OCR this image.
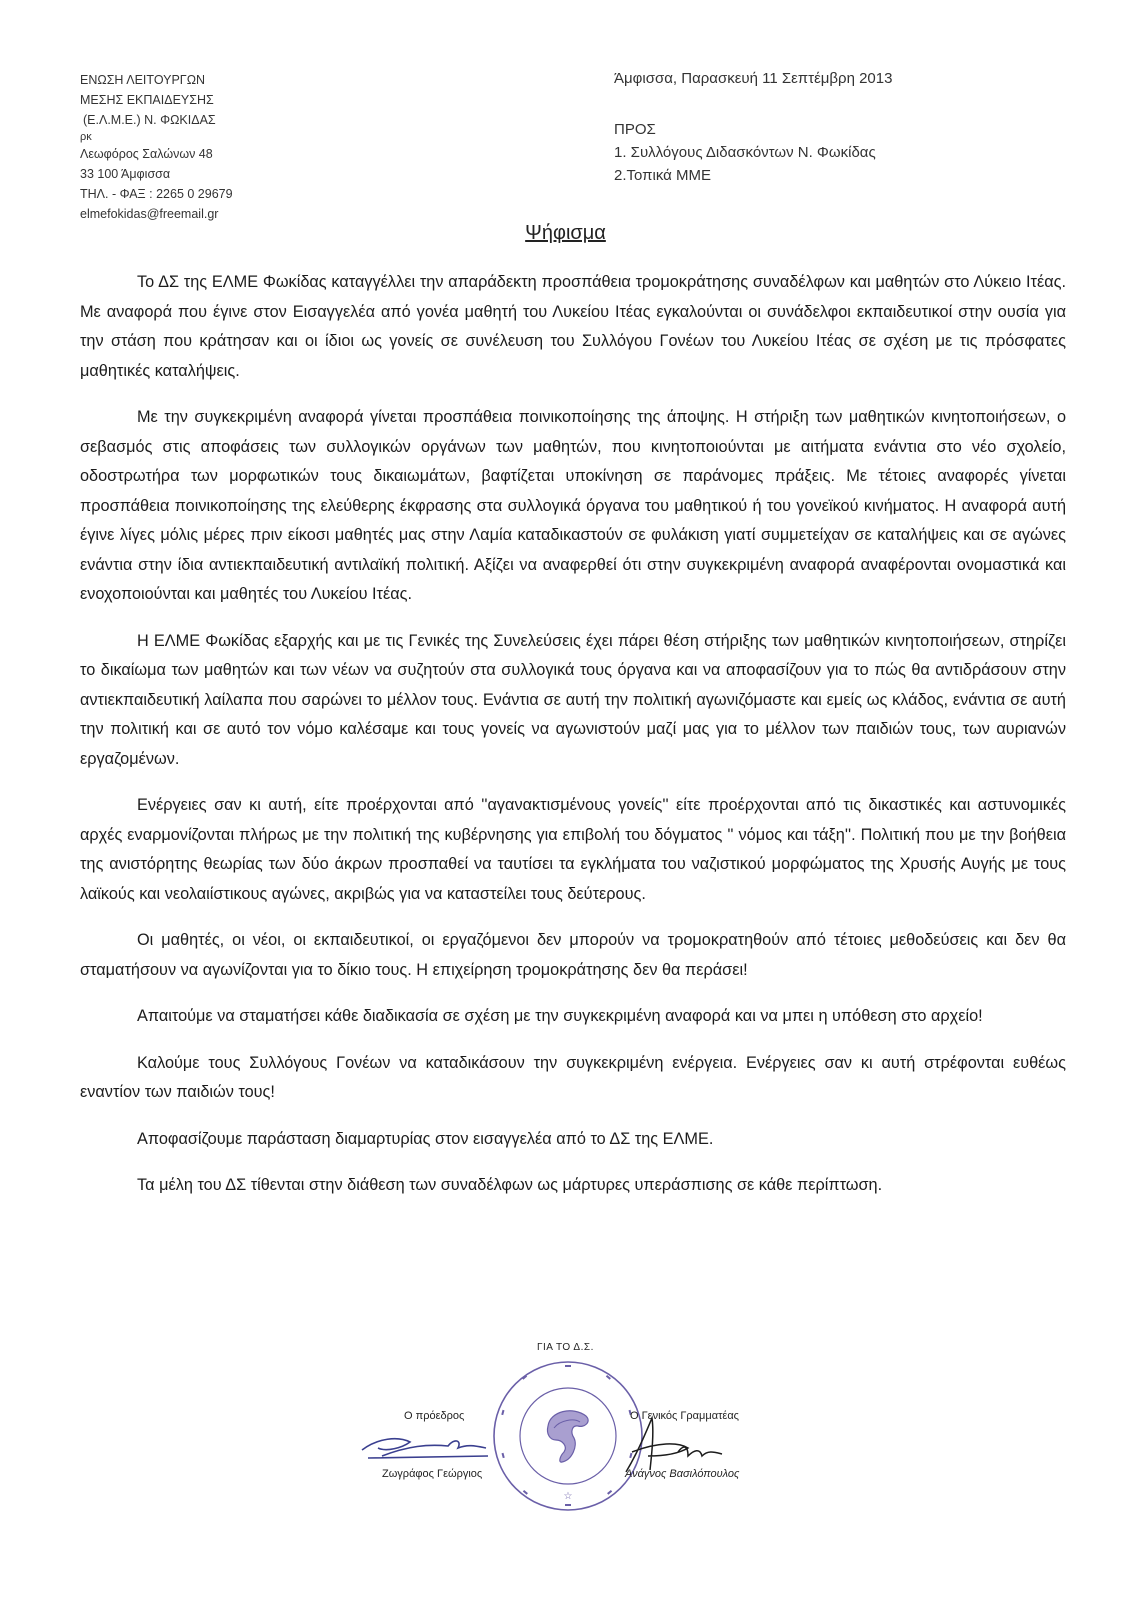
ΕΝΩΣΗ ΛΕΙΤΟΥΡΓΩΝ
ΜΕΣΗΣ ΕΚΠΑΙΔΕΥΣΗΣ
(Ε.Λ.Μ.Ε.) Ν. ΦΩΚΙΔΑΣ
ρκ
Λεωφόρος Σαλώνων 48
33 100 Άμφισσα
ΤΗΛ. - ΦΑΞ : 2265 0 29679
elmefokidas@freemail.gr
Άμφισσα, Παρασκευή 11 Σεπτέμβρη 2013
ΠΡΟΣ
1. Συλλόγους Διδασκόντων Ν. Φωκίδας
2.Τοπικά ΜΜΕ
Ψήφισμα

Το ΔΣ της ΕΛΜΕ Φωκίδας καταγγέλλει την απαράδεκτη προσπάθεια τρομοκράτησης συναδέλφων και μαθητών στο Λύκειο Ιτέας. Με αναφορά που έγινε στον Εισαγγελέα από γονέα μαθητή του Λυκείου Ιτέας εγκαλούνται οι συνάδελφοι εκπαιδευτικοί στην ουσία για την στάση που κράτησαν και οι ίδιοι ως γονείς σε συνέλευση του Συλλόγου Γονέων του Λυκείου Ιτέας σε σχέση με τις πρόσφατες μαθητικές καταλήψεις.

Με την συγκεκριμένη αναφορά γίνεται προσπάθεια ποινικοποίησης της άποψης. Η στήριξη των μαθητικών κινητοποιήσεων, ο σεβασμός στις αποφάσεις των συλλογικών οργάνων των μαθητών, που κινητοποιούνται με αιτήματα ενάντια στο νέο σχολείο, οδοστρωτήρα των μορφωτικών τους δικαιωμάτων, βαφτίζεται υποκίνηση σε παράνομες πράξεις. Με τέτοιες αναφορές γίνεται προσπάθεια ποινικοποίησης της ελεύθερης έκφρασης στα συλλογικά όργανα του μαθητικού ή του γονεϊκού κινήματος. Η αναφορά αυτή έγινε λίγες μόλις μέρες πριν είκοσι μαθητές μας στην Λαμία καταδικαστούν σε φυλάκιση γιατί συμμετείχαν σε καταλήψεις και σε αγώνες ενάντια στην ίδια αντιεκπαιδευτική αντιλαϊκή πολιτική. Αξίζει να αναφερθεί ότι στην συγκεκριμένη αναφορά αναφέρονται ονομαστικά και ενοχοποιούνται και μαθητές του Λυκείου Ιτέας.

Η ΕΛΜΕ Φωκίδας εξαρχής και με τις Γενικές της Συνελεύσεις έχει πάρει θέση στήριξης των μαθητικών κινητοποιήσεων, στηρίζει το δικαίωμα των μαθητών και των νέων να συζητούν στα συλλογικά τους όργανα και να αποφασίζουν για το πώς θα αντιδράσουν στην αντιεκπαιδευτική λαίλαπα που σαρώνει το μέλλον τους. Ενάντια σε αυτή την πολιτική αγωνιζόμαστε και εμείς ως κλάδος, ενάντια σε αυτή την πολιτική και σε αυτό τον νόμο καλέσαμε και τους γονείς να αγωνιστούν μαζί μας για το μέλλον των παιδιών τους, των αυριανών εργαζομένων.

Ενέργειες σαν κι αυτή, είτε προέρχονται από ''αγανακτισμένους γονείς'' είτε προέρχονται από τις δικαστικές και αστυνομικές αρχές εναρμονίζονται πλήρως με την πολιτική της κυβέρνησης για επιβολή του δόγματος '' νόμος και τάξη''. Πολιτική που με την βοήθεια της ανιστόρητης θεωρίας των δύο άκρων προσπαθεί να ταυτίσει τα εγκλήματα του ναζιστικού μορφώματος της Χρυσής Αυγής με τους λαϊκούς και νεολαιίστικους αγώνες, ακριβώς για να καταστείλει τους δεύτερους.

Οι μαθητές, οι νέοι, οι εκπαιδευτικοί, οι εργαζόμενοι δεν μπορούν να τρομοκρατηθούν από τέτοιες μεθοδεύσεις και δεν θα σταματήσουν να αγωνίζονται για το δίκιο τους. Η επιχείρηση τρομοκράτησης δεν θα περάσει!

Απαιτούμε να σταματήσει κάθε διαδικασία σε σχέση με την συγκεκριμένη αναφορά και να μπει η υπόθεση στο αρχείο!

Καλούμε τους Συλλόγους Γονέων να καταδικάσουν την συγκεκριμένη ενέργεια. Ενέργειες σαν κι αυτή στρέφονται ευθέως εναντίον των παιδιών τους!

Αποφασίζουμε παράσταση διαμαρτυρίας στον εισαγγελέα από το ΔΣ της ΕΛΜΕ.

Τα μέλη του ΔΣ τίθενται στην διάθεση των συναδέλφων ως μάρτυρες υπεράσπισης σε κάθε περίπτωση.

ΓΙΑ ΤΟ Δ.Σ.
☆
Ο πρόεδρος
Ζωγράφος Γεώργιος
Ο Γενικός Γραμματέας
Ανάγνος Βασιλόπουλος
